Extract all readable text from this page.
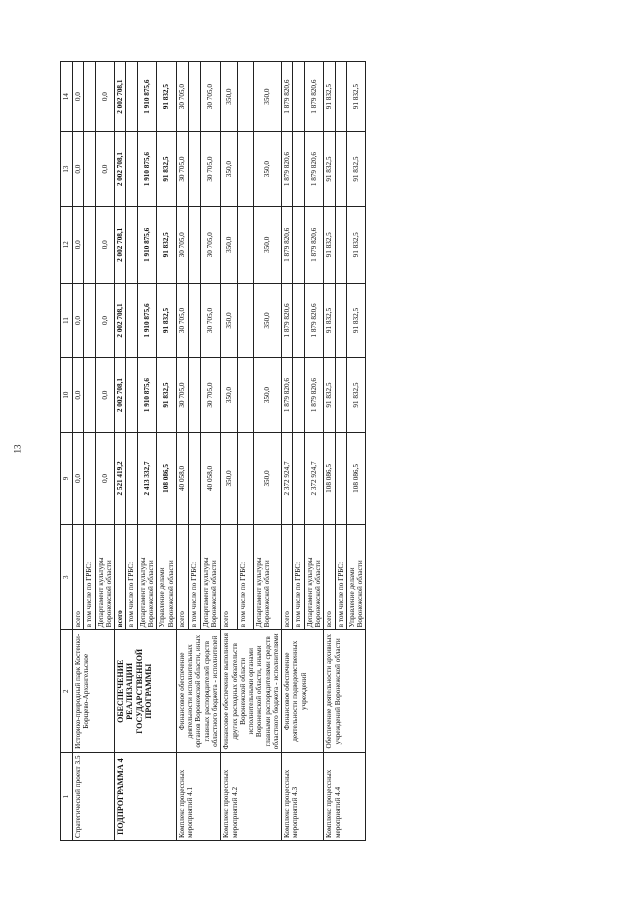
13
1	2	3	9	10	11	12	13	14
Стратегический проект 3.5	Историко-природный парк Костенки-Борщево-Архангельское	всего	0,0	0,0	0,0	0,0	0,0	0,0
		в том числе по ГРБС:						
		Департамент культуры Воронежской области	0,0	0,0	0,0	0,0	0,0	0,0
ПОДПРОГРАММА 4	ОБЕСПЕЧЕНИЕ РЕАЛИЗАЦИИ ГОСУДАРСТВЕННОЙ ПРОГРАММЫ	всего	2 521 419,2	2 002 708,1	2 002 708,1	2 002 708,1	2 002 708,1	2 002 708,1
		в том числе по ГРБС:						
		Департамент культуры Воронежской области	2 413 332,7	1 910 875,6	1 910 875,6	1 910 875,6	1 910 875,6	1 910 875,6
		Управление делами Воронежской области	108 086,5	91 832,5	91 832,5	91 832,5	91 832,5	91 832,5
Комплекс процессных мероприятий 4.1	Финансовое обеспечение деятельности исполнительных органов Воронежской области, иных главных распорядителей средств областного бюджета - исполнителей	всего	40 058,0	30 705,0	30 705,0	30 705,0	30 705,0	30 705,0
		в том числе по ГРБС:						
		Департамент культуры Воронежской области	40 058,0	30 705,0	30 705,0	30 705,0	30 705,0	30 705,0
Комплекс процессных мероприятий 4.2	Финансовое обеспечение выполнения других расходных обязательств Воронежской области исполнительными органами Воронежской области, иными главными распорядителями средств областного бюджета - исполнителями	всего	350,0	350,0	350,0	350,0	350,0	350,0
		в том числе по ГРБС:						
		Департамент культуры Воронежской области	350,0	350,0	350,0	350,0	350,0	350,0
Комплекс процессных мероприятий 4.3	Финансовое обеспечение деятельности подведомственных учреждений	всего	2 372 924,7	1 879 820,6	1 879 820,6	1 879 820,6	1 879 820,6	1 879 820,6
		в том числе по ГРБС:						
		Департамент культуры Воронежской области	2 372 924,7	1 879 820,6	1 879 820,6	1 879 820,6	1 879 820,6	1 879 820,6
Комплекс процессных мероприятий 4.4	Обеспечение деятельности архивных учреждений Воронежской области	всего	108 086,5	91 832,5	91 832,5	91 832,5	91 832,5	91 832,5
		в том числе по ГРБС:						
		Управление делами Воронежской области	108 086,5	91 832,5	91 832,5	91 832,5	91 832,5	91 832,5
